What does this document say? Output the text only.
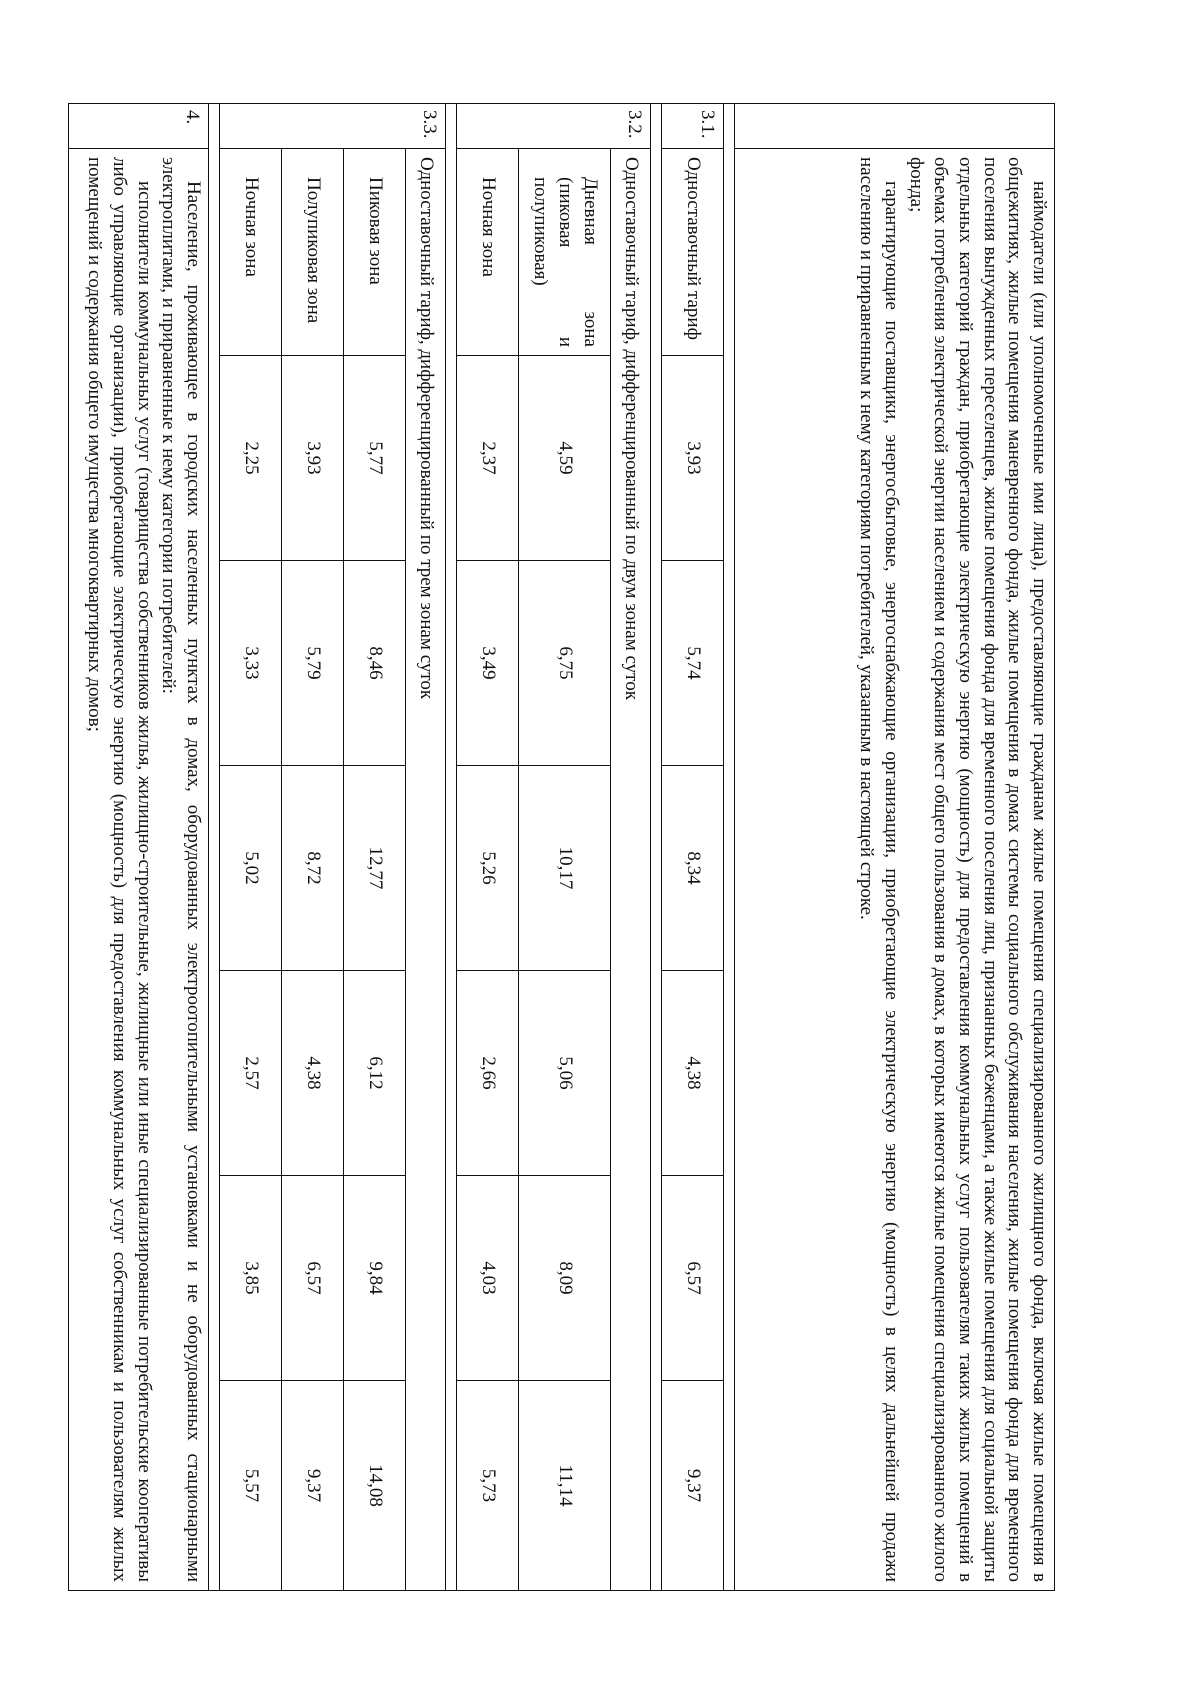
	наймодатели (или уполномоченные ими лица), предоставляющие гражданам жилые помещения специализированного жилищного фонда, включая жилые помещения в общежитиях, жилые помещения маневренного фонда, жилые помещения в домах системы социального обслуживания населения, жилые помещения фонда для временного поселения вынужденных переселенцев, жилые помещения фонда для временного поселения лиц, признанных беженцами, а также жилые помещения для социальной защиты отдельных категорий граждан, приобретающие электрическую энергию (мощность) для предоставления коммунальных услуг пользователям таких жилых помещений в объемах потребления электрической энергии населением и содержания мест общего пользования в домах, в которых имеются жилые помещения специализированного жилого фонда;

гарантирующие поставщики, энергосбытовые, энергоснабжающие организации, приобретающие электрическую энергию (мощность) в целях дальнейшей продажи населению и приравненным к нему категориям потребителей, указанным в настоящей строке.						

3.1.	Одноставочный тариф	3,93	5,74	8,34	4,38	6,57	9,37

3.2.	Одноставочный тариф, дифференцированный по двум зонам суток						
	Дневная зона (пиковая и полупиковая)	4,59	6,75	10,17	5,06	8,09	11,14
	Ночная зона	2,37	3,49	5,26	2,66	4,03	5,73

3.3.	Одноставочный тариф, дифференцированный по трем зонам суток						
	Пиковая зона	5,77	8,46	12,77	6,12	9,84	14,08
	Полупиковая зона	3,93	5,79	8,72	4,38	6,57	9,37
	Ночная зона	2,25	3,33	5,02	2,57	3,85	5,57

4.	Население, проживающее в городских населенных пунктах в домах, оборудованных электроотопительными установками и не оборудованных стационарными электроплитами, и приравненные к нему категории потребителей:

исполнители коммунальных услуг (товарищества собственников жилья, жилищно-строительные, жилищные или иные специализированные потребительские кооперативы либо управляющие организации), приобретающие электрическую энергию (мощность) для предоставления коммунальных услуг собственникам и пользователям жилых помещений и содержания общего имущества многоквартирных домов;						
